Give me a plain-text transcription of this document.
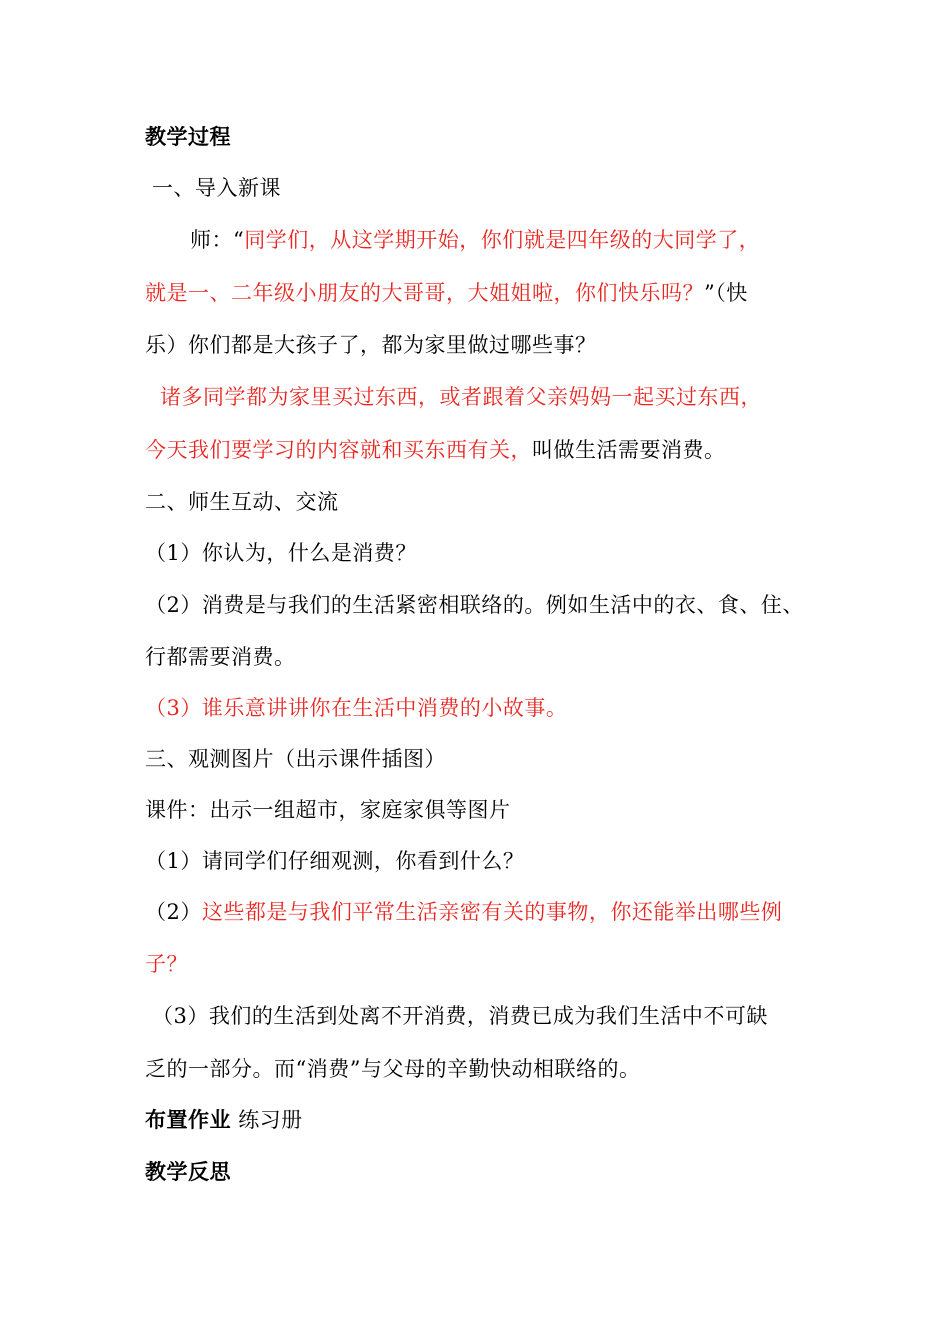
教学过程
一、导入新课
师：“同学们，从这学期开始，你们就是四年级的大同学了，
就是一、二年级小朋友的大哥哥，大姐姐啦，你们快乐吗？”（快
乐）你们都是大孩子了，都为家里做过哪些事？
诸多同学都为家里买过东西，或者跟着父亲妈妈一起买过东西，
今天我们要学习的内容就和买东西有关，叫做生活需要消费。
二、师生互动、交流
（1）你认为，什么是消费？
（2）消费是与我们的生活紧密相联络的。例如生活中的衣、食、住、
行都需要消费。
（3）谁乐意讲讲你在生活中消费的小故事。
三、观测图片（出示课件插图）
课件：出示一组超市，家庭家俱等图片
（1）请同学们仔细观测，你看到什么？
（2）这些都是与我们平常生活亲密有关的事物，你还能举出哪些例
子？
（3）我们的生活到处离不开消费，消费已成为我们生活中不可缺
乏的一部分。而“消费”与父母的辛勤快动相联络的。
布置作业 练习册
教学反思
